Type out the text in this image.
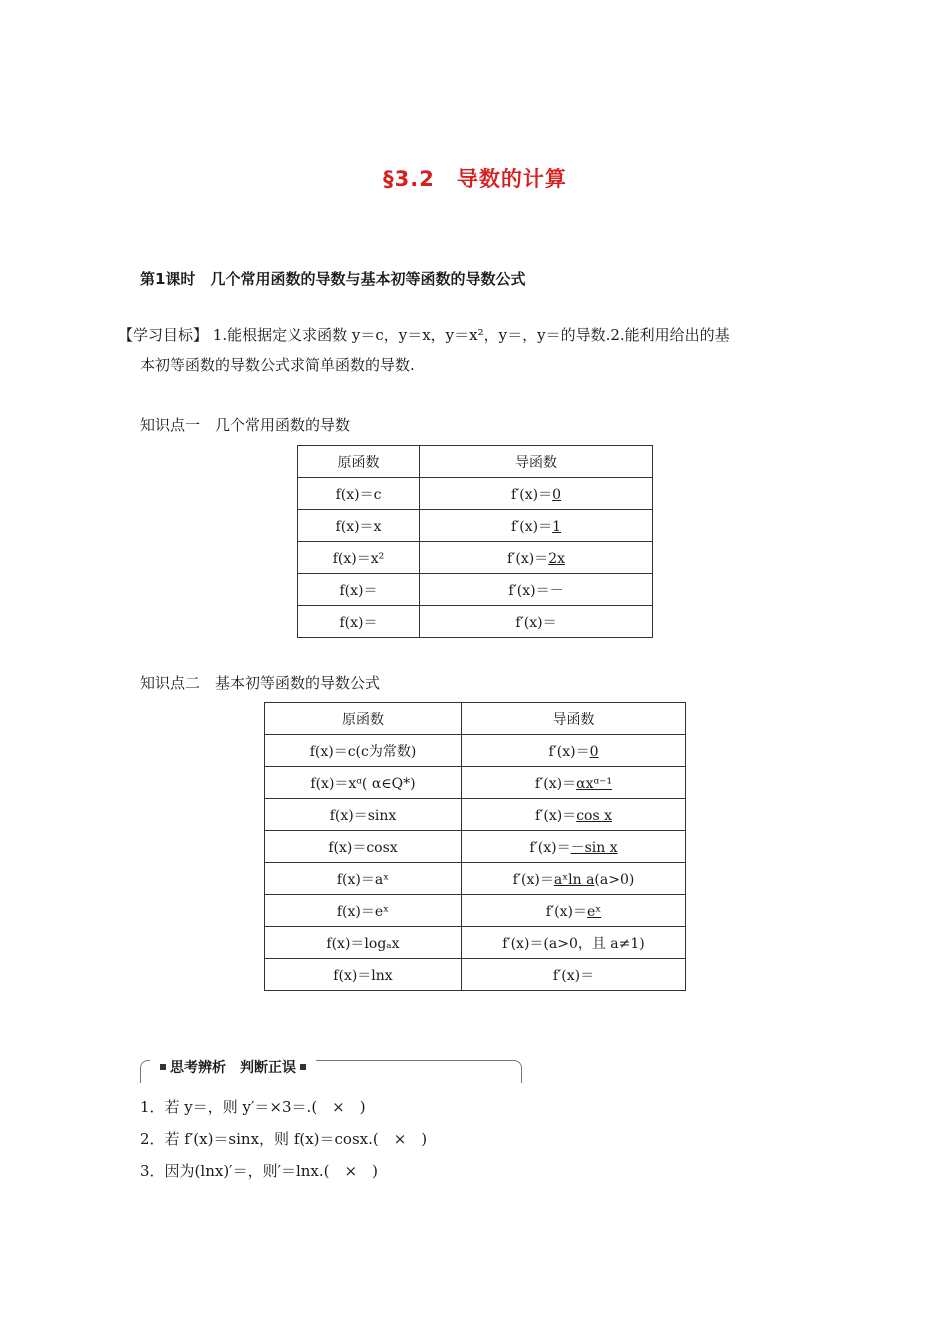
§3.2　导数的计算
第1课时　几个常用函数的导数与基本初等函数的导数公式
【学习目标】 1.能根据定义求函数 y＝c，y＝x，y＝x²，y＝，y＝的导数.2.能利用给出的基
本初等函数的导数公式求简单函数的导数.
知识点一　几个常用函数的导数
原函数	导函数
f(x)＝c	f′(x)＝0
f(x)＝x	f′(x)＝1
f(x)＝x²	f′(x)＝2x
f(x)＝	f′(x)＝－
f(x)＝	f′(x)＝
知识点二　基本初等函数的导数公式
原函数	导函数
f(x)＝c(c为常数)	f′(x)＝0
f(x)＝xᵅ( α∈Q*)	f′(x)＝αxᵅ⁻¹
f(x)＝sinx	f′(x)＝cos x
f(x)＝cosx	f′(x)＝－sin x
f(x)＝aˣ	f′(x)＝aˣln a(a>0)
f(x)＝eˣ	f′(x)＝eˣ
f(x)＝logₐx	f′(x)＝(a>0，且 a≠1)
f(x)＝lnx	f′(x)＝
思考辨析　 判断正误
1．若 y＝，则 y′＝×3＝.(　×　)
2．若 f′(x)＝sinx，则 f(x)＝cosx.(　×　)
3．因为(lnx)′＝，则′＝lnx.(　×　)
